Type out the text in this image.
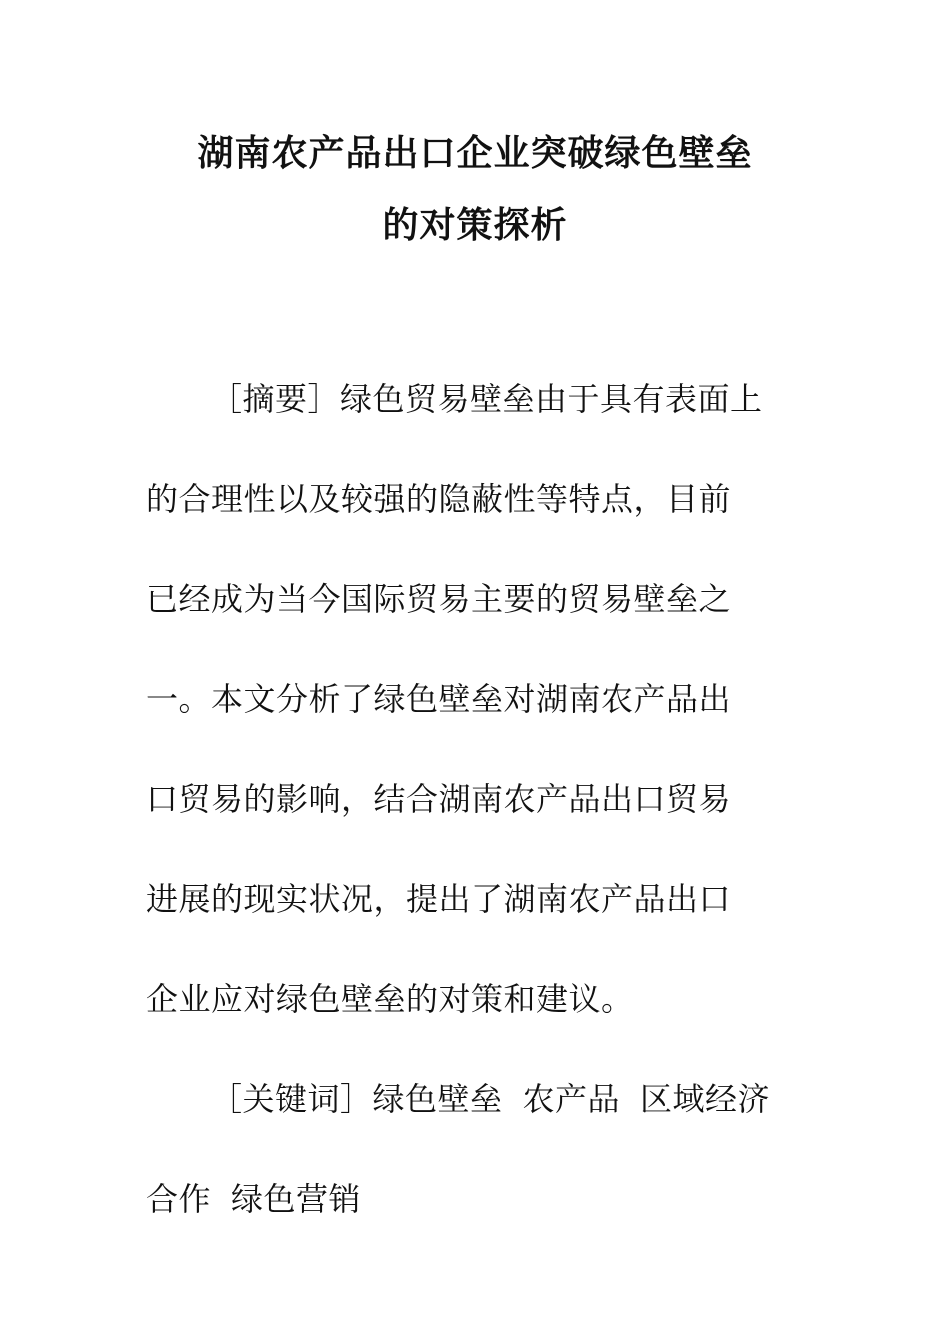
湖南农产品出口企业突破绿色壁垒
的对策探析

［摘要］绿色贸易壁垒由于具有表面上

的合理性以及较强的隐蔽性等特点，目前

已经成为当今国际贸易主要的贸易壁垒之

一。本文分析了绿色壁垒对湖南农产品出

口贸易的影响，结合湖南农产品出口贸易

进展的现实状况，提出了湖南农产品出口

企业应对绿色壁垒的对策和建议。

［关键词］绿色壁垒 农产品 区域经济

合作 绿色营销
